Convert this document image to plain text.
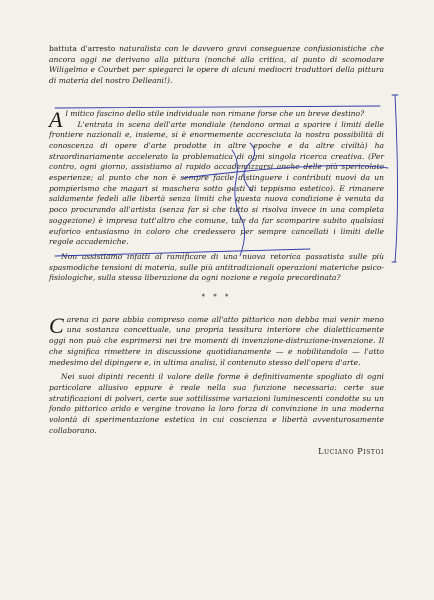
battuta d'arresto naturalista con le davvero gravi conseguenze confusionistiche che ancora oggi ne derivano alla pittura (nonché alla critica, al punto di scomodare Wiligelmo e Courbet per spiegarci le opere di alcuni mediocri traduttori della pittura di materia del nostro Delleani!).

Al mitico fascino dello stile individuale non rimane forse che un breve destino?

L'entrata in scena dell'arte mondiale (tendono ormai a sparire i limiti delle frontiere nazionali e, insieme, si è enormemente accresciuta la nostra possibilità di conoscenza di opere d'arte prodotte in altre epoche e da altre civiltà) ha straordinariamente accelerato la problematica di ogni singola ricerca creativa. (Per contro, ogni giorno, assistiamo al rapido accademizzarsi anche delle più spericolate esperienze; al punto che non è sempre facile distinguere i contributi nuovi da un pompierismo che magari si maschera sotto gesti di teppismo estetico). E rimanere saldamente fedeli alle libertà senza limiti che questa nuova condizione è venuta da poco procurando all'artista (senza far sì che tutto si risolva invece in una completa soggezione) è impresa tutt'altro che comune, tale da far scomparire subito qualsiasi euforico entusiasmo in coloro che credessero per sempre cancellati i limiti delle regole accademiche.

Non assistiamo infatti al ramificare di una nuova retorica passatista sulle più spasmodiche tensioni di materia, sulle più antitradizionali operazioni materiche psico-fisiologiche, sulla stessa liberazione da ogni nozione e regola precordinata?

* * *

Carena ci pare abbia compreso come all'atto pittorico non debba mai venir meno una sostanza concettuale, una propria tessitura interiore che dialetticamente oggi non può che esprimersi nei tre momenti di invenzione-distruzione-invenzione. Il che significa rimettere in discussione quotidianamente — e nobilitandolo — l'atto medesimo del dipingere e, in ultima analisi, il contenuto stesso dell'opera d'arte.

Nei suoi dipinti recenti il valore delle forme è definitivamente spogliato di ogni particolare allusivo eppure è reale nella sua funzione necessaria: certe sue stratificazioni di polveri, certe sue sottilissime variazioni luminescenti condotte su un fondo pittorico arido e vergine trovano la loro forza di convinzione in una moderna volontà di sperimentazione estetica in cui coscienza e libertà avventurosamente collaborano.

Luciano Pistoi
